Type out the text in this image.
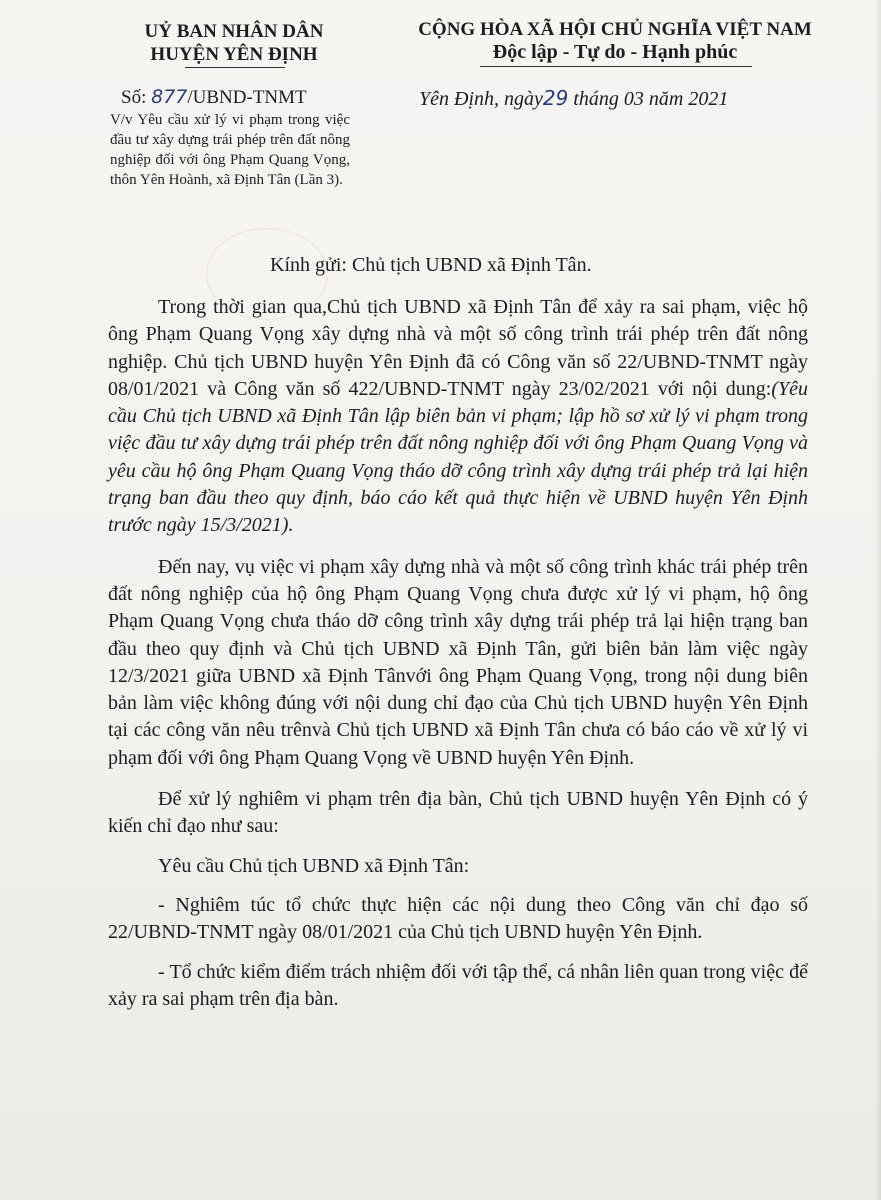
UỶ BAN NHÂN DÂN
HUYỆN YÊN ĐỊNH
CỘNG HÒA XÃ HỘI CHỦ NGHĨA VIỆT NAM
Độc lập - Tự do - Hạnh phúc
Số: 877/UBND-TNMT
V/v Yêu cầu xử lý vi phạm trong việc đầu tư xây dựng trái phép trên đất nông nghiệp đối với ông Phạm Quang Vọng, thôn Yên Hoành, xã Định Tân (Lần 3).
Yên Định, ngày29 tháng 03 năm 2021
Kính gửi: Chủ tịch UBND xã Định Tân.

Trong thời gian qua,Chủ tịch UBND xã Định Tân để xảy ra sai phạm, việc hộ ông Phạm Quang Vọng xây dựng nhà và một số công trình trái phép trên đất nông nghiệp. Chủ tịch UBND huyện Yên Định đã có Công văn số 22/UBND-TNMT ngày 08/01/2021 và Công văn số 422/UBND-TNMT ngày 23/02/2021 với nội dung:(Yêu cầu Chủ tịch UBND xã Định Tân lập biên bản vi phạm; lập hồ sơ xử lý vi phạm trong việc đầu tư xây dựng trái phép trên đất nông nghiệp đối với ông Phạm Quang Vọng và yêu cầu hộ ông Phạm Quang Vọng tháo dỡ công trình xây dựng trái phép trả lại hiện trạng ban đầu theo quy định, báo cáo kết quả thực hiện về UBND huyện Yên Định trước ngày 15/3/2021).

Đến nay, vụ việc vi phạm xây dựng nhà và một số công trình khác trái phép trên đất nông nghiệp của hộ ông Phạm Quang Vọng chưa được xử lý vi phạm, hộ ông Phạm Quang Vọng chưa tháo dỡ công trình xây dựng trái phép trả lại hiện trạng ban đầu theo quy định và Chủ tịch UBND xã Định Tân, gửi biên bản làm việc ngày 12/3/2021 giữa UBND xã Định Tânvới ông Phạm Quang Vọng, trong nội dung biên bản làm việc không đúng với nội dung chỉ đạo của Chủ tịch UBND huyện Yên Định tại các công văn nêu trênvà Chủ tịch UBND xã Định Tân chưa có báo cáo về xử lý vi phạm đối với ông Phạm Quang Vọng về UBND huyện Yên Định.

Để xử lý nghiêm vi phạm trên địa bàn, Chủ tịch UBND huyện Yên Định có ý kiến chỉ đạo như sau:

Yêu cầu Chủ tịch UBND xã Định Tân:

- Nghiêm túc tổ chức thực hiện các nội dung theo Công văn chỉ đạo số 22/UBND-TNMT ngày 08/01/2021 của Chủ tịch UBND huyện Yên Định.

- Tổ chức kiểm điểm trách nhiệm đối với tập thể, cá nhân liên quan trong việc để xảy ra sai phạm trên địa bàn.
